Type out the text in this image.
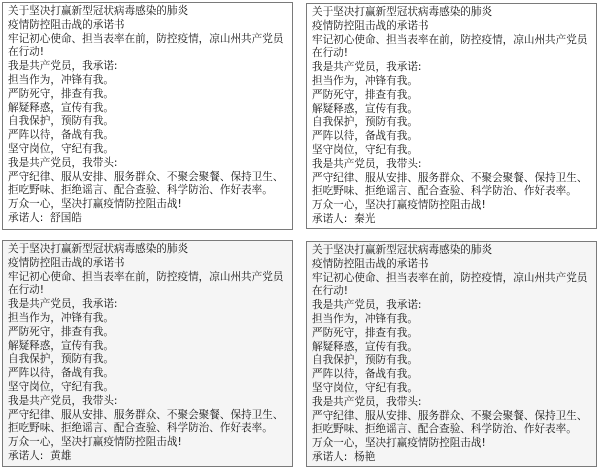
关于坚决打赢新型冠状病毒感染的肺炎
疫情防控阻击战的承诺书
牢记初心使命、担当表率在前，防控疫情，凉山州共产党员在行动!
我是共产党员，我承诺:
担当作为，冲锋有我。
严防死守，排查有我。
解疑释惑，宣传有我。
自我保护，预防有我。
严阵以待，备战有我。
坚守岗位，守纪有我。
我是共产党员，我带头:
严守纪律、服从安排、服务群众、不聚会聚餐、保持卫生、拒吃野味、拒绝谣言、配合查验、科学防治、作好表率。
万众一心，坚决打赢疫情防控阻击战!
承诺人: 舒国皓
关于坚决打赢新型冠状病毒感染的肺炎
疫情防控阻击战的承诺书
牢记初心使命、担当表率在前，防控疫情，凉山州共产党员在行动!
我是共产党员，我承诺:
担当作为，冲锋有我。
严防死守，排查有我。
解疑释惑，宣传有我。
自我保护，预防有我。
严阵以待，备战有我。
坚守岗位，守纪有我。
我是共产党员，我带头:
严守纪律、服从安排、服务群众、不聚会聚餐、保持卫生、拒吃野味、拒绝谣言、配合查验、科学防治、作好表率。
万众一心，坚决打赢疫情防控阻击战!
承诺人: 秦光
关于坚决打赢新型冠状病毒感染的肺炎
疫情防控阻击战的承诺书
牢记初心使命、担当表率在前，防控疫情，凉山州共产党员在行动!
我是共产党员，我承诺:
担当作为，冲锋有我。
严防死守，排查有我。
解疑释惑，宣传有我。
自我保护，预防有我。
严阵以待，备战有我。
坚守岗位，守纪有我。
我是共产党员，我带头:
严守纪律、服从安排、服务群众、不聚会聚餐、保持卫生、拒吃野味、拒绝谣言、配合查验、科学防治、作好表率。
万众一心，坚决打赢疫情防控阻击战!
承诺人: 黄雄
关于坚决打赢新型冠状病毒感染的肺炎
疫情防控阻击战的承诺书
牢记初心使命、担当表率在前，防控疫情，凉山州共产党员在行动!
我是共产党员，我承诺:
担当作为，冲锋有我。
严防死守，排查有我。
解疑释惑，宣传有我。
自我保护，预防有我。
严阵以待，备战有我。
坚守岗位，守纪有我。
我是共产党员，我带头:
严守纪律、服从安排、服务群众、不聚会聚餐、保持卫生、拒吃野味、拒绝谣言、配合查验、科学防治、作好表率。
万众一心，坚决打赢疫情防控阻击战!
承诺人: 杨艳
